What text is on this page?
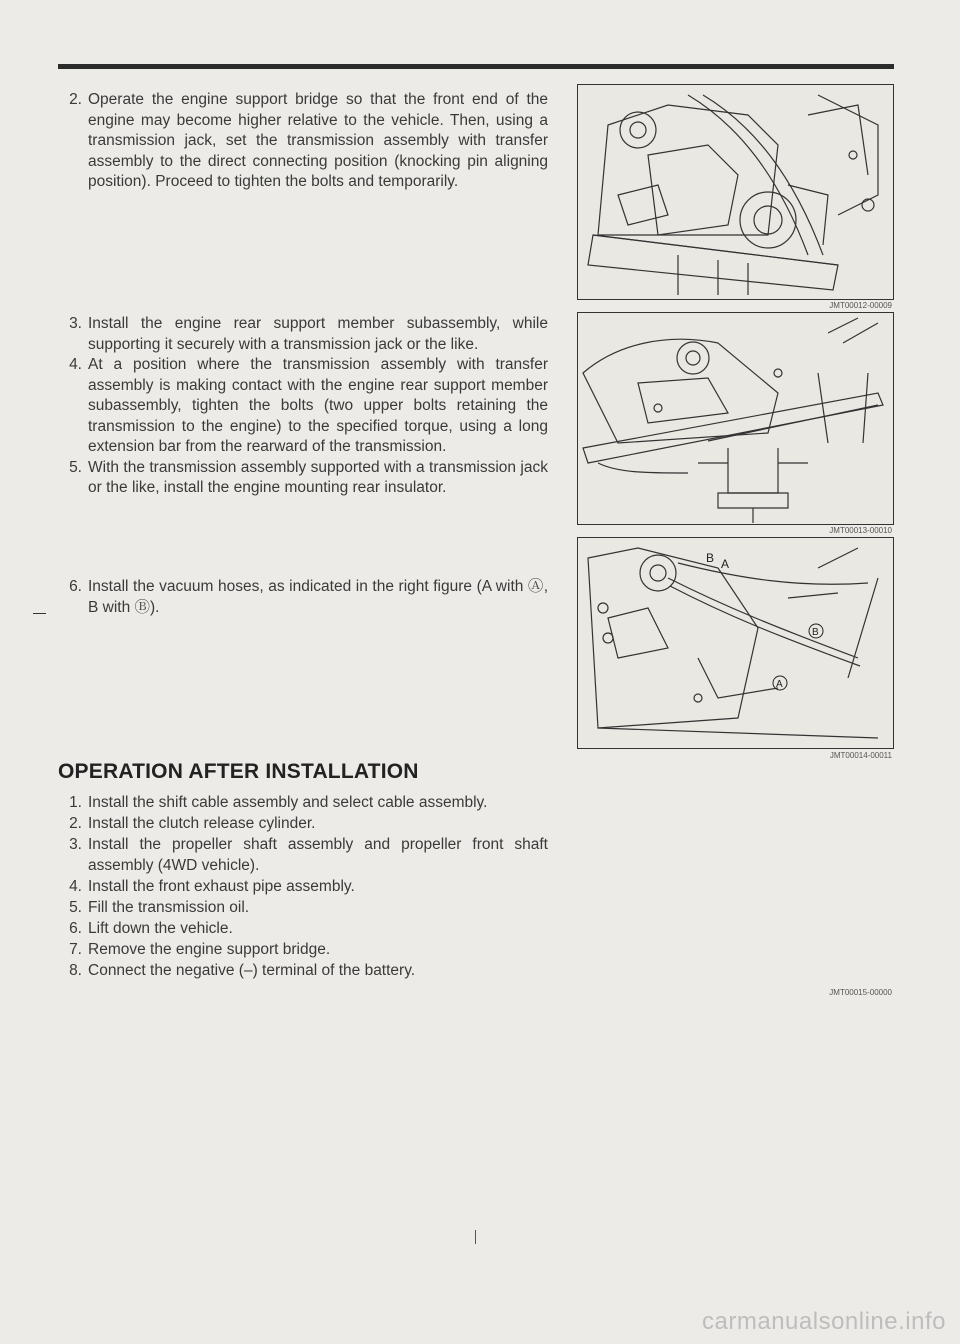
2. Operate the engine support bridge so that the front end of the engine may become higher relative to the vehicle. Then, using a transmission jack, set the transmission assembly with transfer assembly to the direct connecting position (knocking pin aligning position). Proceed to tighten the bolts and temporarily.
3. Install the engine rear support member subassembly, while supporting it securely with a transmission jack or the like.
4. At a position where the transmission assembly with transfer assembly is making contact with the engine rear support member subassembly, tighten the bolts (two upper bolts retaining the transmission to the engine) to the specified torque, using a long extension bar from the rearward of the transmission.
5. With the transmission assembly supported with a transmission jack or the like, install the engine mounting rear insulator.
6. Install the vacuum hoses, as indicated in the right figure (A with Ⓐ, B with Ⓑ).
OPERATION AFTER INSTALLATION
1. Install the shift cable assembly and select cable assembly.
2. Install the clutch release cylinder.
3. Install the propeller shaft assembly and propeller front shaft assembly (4WD vehicle).
4. Install the front exhaust pipe assembly.
5. Fill the transmission oil.
6. Lift down the vehicle.
7. Remove the engine support bridge.
8. Connect the negative (–) terminal of the battery.
JMT00012-00009
JMT00013-00010
B A
B
A
JMT00014-00011
JMT00015-00000
carmanualsonline.info
